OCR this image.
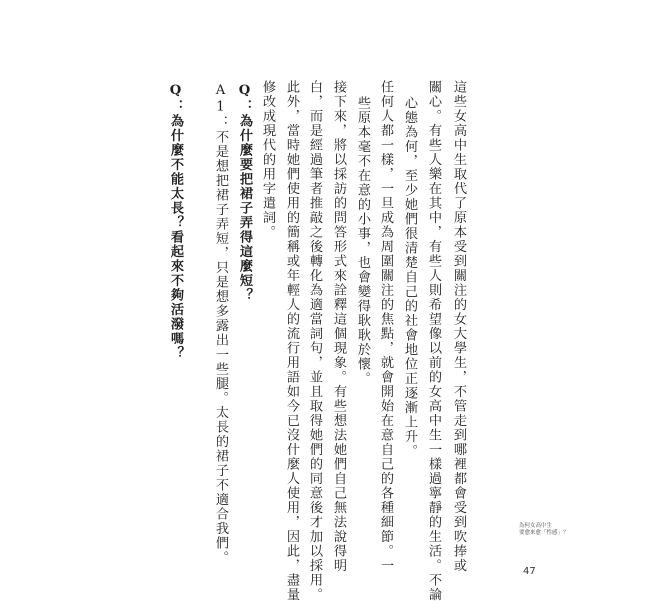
這些女高中生取代了原本受到關注的女大學生，不管走到哪裡都會受到吹捧或
關心。有些人樂在其中，有些人則希望像以前的女高中生一樣過寧靜的生活。不論
心態為何，至少她們很清楚自己的社會地位正逐漸上升。
任何人都一樣，一旦成為周圍關注的焦點，就會開始在意自己的各種細節。一
些原本毫不在意的小事，也會變得耿耿於懷。
接下來，將以採訪的問答形式來詮釋這個現象。有些想法她們自己無法說得明
白，而是經過筆者推敲之後轉化為適當詞句，並且取得她們的同意後才加以採用。
此外，當時她們使用的簡稱或年輕人的流行用語如今已沒什麼人使用，因此，盡量
修改成現代的用字遣詞。
Q：為什麼要把裙子弄得這麼短？
A1：不是想把裙子弄短，只是想多露出一些腿。太長的裙子不適合我們。
Q：為什麼不能太長？看起來不夠活潑嗎？
為何女高中生
要愈來愈「性感」？
47
